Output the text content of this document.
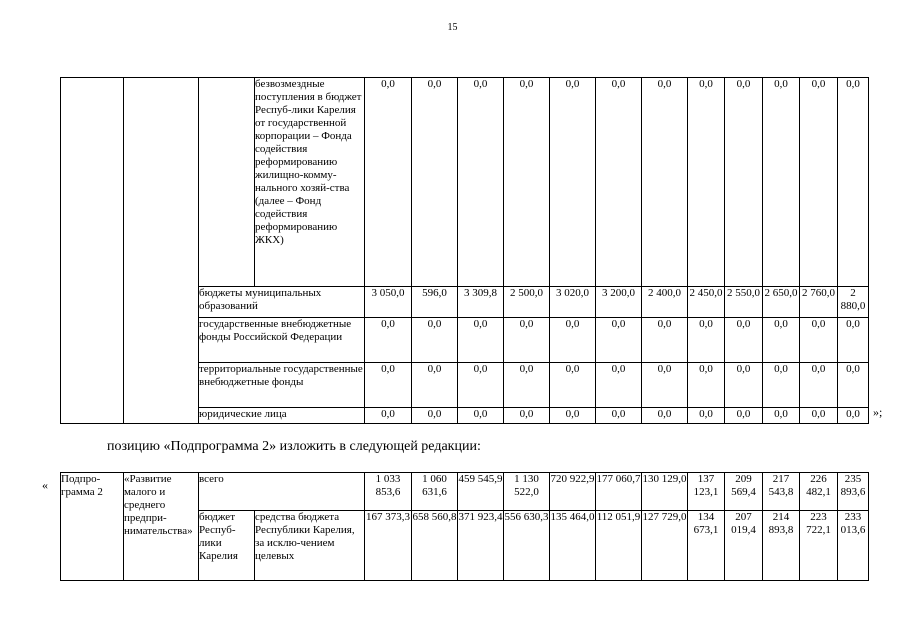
15
			безвозмездные поступления в бюджет Респуб-лики Карелия от государственной корпорации – Фонда содействия реформированию жилищно-комму-нального хозяй-ства (далее – Фонд содействия реформированию ЖКХ)	0,0	0,0	0,0	0,0	0,0	0,0	0,0	0,0	0,0	0,0	0,0	0,0
		бюджеты муниципальных образований		3 050,0	596,0	3 309,8	2 500,0	3 020,0	3 200,0	2 400,0	2 450,0	2 550,0	2 650,0	2 760,0	2 880,0
		государственные внебюджетные фонды Российской Федерации		0,0	0,0	0,0	0,0	0,0	0,0	0,0	0,0	0,0	0,0	0,0	0,0
		территориальные государственные внебюджетные фонды		0,0	0,0	0,0	0,0	0,0	0,0	0,0	0,0	0,0	0,0	0,0	0,0
		юридические лица		0,0	0,0	0,0	0,0	0,0	0,0	0,0	0,0	0,0	0,0	0,0	0,0 »;
позицию «Подпрограмма 2» изложить в следующей редакции:
« Подпро-грамма 2	«Развитие малого и среднего предпри-нимательства»	всего		1 033 853,6	1 060 631,6	459 545,9	1 130 522,0	720 922,9	177 060,7	130 129,0	137 123,1	209 569,4	217 543,8	226 482,1	235 893,6
		бюджет Респуб-лики Карелия	средства бюджета Республики Карелия, за исклю-чением целевых	167 373,3	658 560,8	371 923,4	556 630,3	135 464,0	112 051,9	127 729,0	134 673,1	207 019,4	214 893,8	223 722,1	233 013,6
